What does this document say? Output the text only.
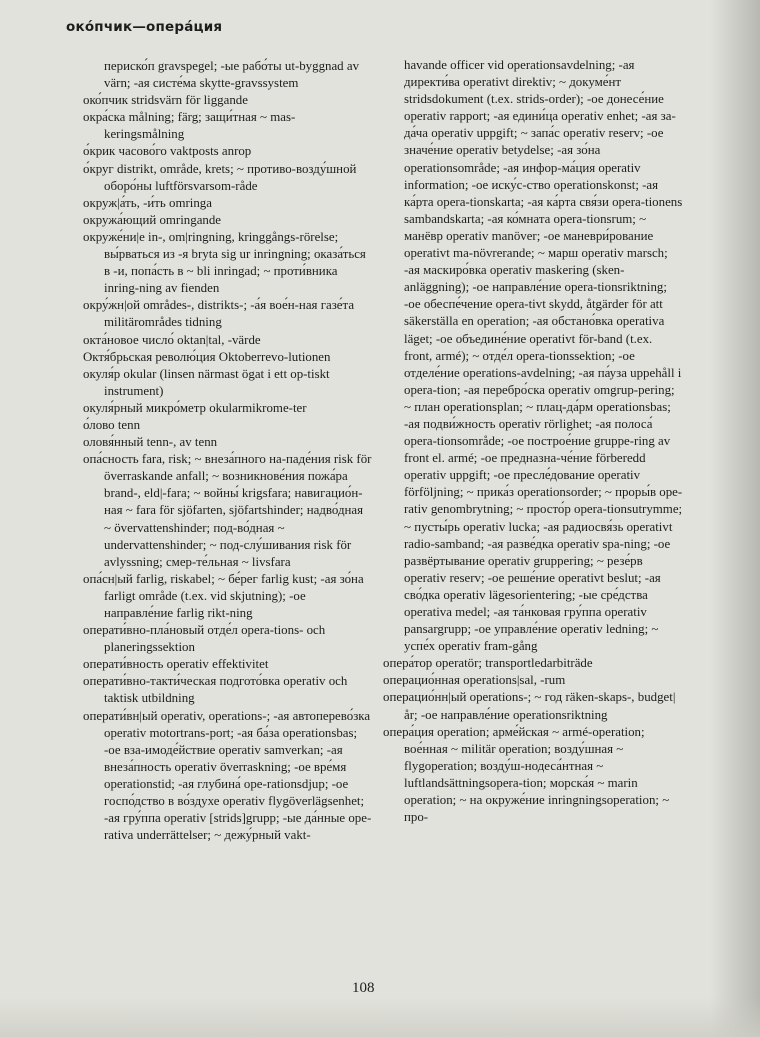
око́пчик—опера́ция

периско́п gravspegel; -ые рабо́ты ut-byggnad av värn; -ая систе́ма skytte-gravssystem

око́пчик stridsvärn för liggande

окра́ска målning; färg; защи́тная ~ mas-keringsmålning

о́крик часово́го vaktposts anrop

о́круг distrikt, område, krets; ~ противо-возду́шной оборо́ны luftförsvarsom-råde

окруж|а́ть, -и́ть omringa

окружа́ющий omringande

окруже́ни|е in-, om|ringning, kringgångs-rörelse; вы́рваться из -я bryta sig ur inringning; оказа́ться в -и, попа́сть в ~ bli inringad; ~ проти́вника inring-ning av fienden

окру́жн|ой områdes-, distrikts-; -а́я вое́н-ная газе́та militärområdes tidning

окта́новое число́ oktan|tal, -värde

Октя́брьская револю́ция Oktoberrevo-lutionen

окуля́р okular (linsen närmast ögat i ett op-tiskt instrument)

окуля́рный микро́метр okularmikrome-ter

о́лово tenn

оловя́нный tenn-, av tenn

опа́сность fara, risk; ~ внеза́пного на-паде́ния risk för överraskande anfall; ~ возникнове́ния пожа́ра brand-, eld|-fara; ~ войны́ krigsfara; навигацио́н-ная ~ fara för sjöfarten, sjöfartshinder; надво́дная ~ övervattenshinder; под-во́дная ~ undervattenshinder; ~ под-слу́шивания risk för avlyssning; смер-те́льная ~ livsfara

опа́сн|ый farlig, riskabel; ~ бе́рег farlig kust; -ая зо́на farligt område (t.ex. vid skjutning); -ое направле́ние farlig rikt-ning

операти́вно-пла́новый отде́л opera-tions- och planeringssektion

операти́вность operativ effektivitet

операти́вно-такти́ческая подгото́вка operativ och taktisk utbildning

операти́вн|ый operativ, operations-; -ая автоперево́зка operativ motortrans-port; -ая ба́за operationsbas; -ое вза-имоде́йствие operativ samverkan; -ая внеза́пность operativ överraskning; -ое вре́мя operationstid; -ая глубина́ ope-rationsdjup; -ое госпо́дство в во́здухе operativ flygöverlägsenhet; -ая гру́ппа operativ [strids]grupp; -ые да́нные ope-rativa underrättelser; ~ дежу́рный vakt-

havande officer vid operationsavdelning; -ая директи́ва operativt direktiv; ~ докуме́нт stridsdokument (t.ex. strids-order); -ое донесе́ние operativ rapport; -ая едини́ца operativ enhet; -ая за-да́ча operativ uppgift; ~ запа́с operativ reserv; -ое значе́ние operativ betydelse; -ая зо́на operationsområde; -ая инфор-ма́ция operativ information; -ое иску́с-ство operationskonst; -ая ка́рта opera-tionskarta; -ая ка́рта свя́зи opera-tionens sambandskarta; -ая ко́мната opera-tionsrum; ~ манёвр operativ manöver; -ое маневри́рование operativt ma-növrerande; ~ марш operativ marsch; -ая маскиро́вка operativ maskering (sken-anläggning); -ое направле́ние opera-tionsriktning; -ое обеспе́чение opera-tivt skydd, åtgärder för att säkerställa en operation; -ая обстано́вка operativa läget; -ое объедине́ние operativt för-band (t.ex. front, armé); ~ отде́л opera-tionssektion; -ое отделе́ние operations-avdelning; -ая па́уза uppehåll i opera-tion; -ая перебро́ска operativ omgrup-pering; ~ план operationsplan; ~ плац-да́рм operationsbas; -ая подви́жность operativ rörlighet; -ая полоса́ opera-tionsområde; -ое построе́ние gruppe-ring av front el. armé; -ое предназна-че́ние förberedd operativ uppgift; -ое пресле́дование operativ förföljning; ~ прика́з operationsorder; ~ проры́в ope-rativ genombrytning; ~ просто́р opera-tionsutrymme; ~ пусты́рь operativ lucka; -ая радиосвя́зь operativt radio-samband; -ая разве́дка operativ spa-ning; -ое развёртывание operativ gruppering; ~ резе́рв operativ reserv; -ое реше́ние operativt beslut; -ая сво́дка operativ lägesorientering; -ые сре́дства operativa medel; -ая та́нковая гру́ппа operativ pansargrupp; -ое управле́ние operativ ledning; ~ успе́х operativ fram-gång

опера́тор operatör; transportledarbiträde

операцио́нная operations|sal, -rum

операцио́нн|ый operations-; ~ год räken-skaps-, budget|år; -ое направле́ние operationsriktning

опера́ция operation; арме́йская ~ armé-operation; вое́нная ~ militär operation; возду́шная ~ flygoperation; возду́ш-нодеса́нтная ~ luftlandsättningsopera-tion; морска́я ~ marin operation; ~ на окруже́ние inringningsoperation; ~ про-

108
